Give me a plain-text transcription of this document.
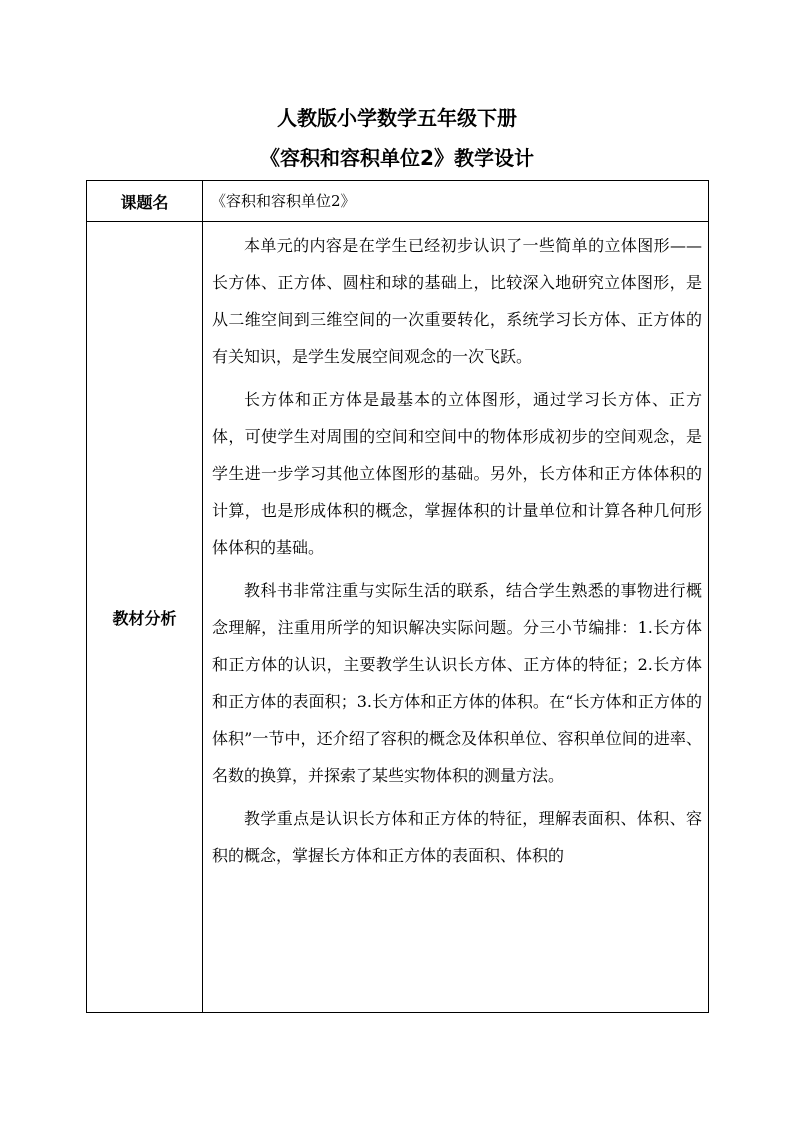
人教版小学数学五年级下册
《容积和容积单位2》教学设计
课题名	《容积和容积单位2》
教材分析	本单元的内容是在学生已经初步认识了一些简单的立体图形——长方体、正方体、圆柱和球的基础上，比较深入地研究立体图形，是从二维空间到三维空间的一次重要转化，系统学习长方体、正方体的有关知识，是学生发展空间观念的一次飞跃。

长方体和正方体是最基本的立体图形，通过学习长方体、正方体，可使学生对周围的空间和空间中的物体形成初步的空间观念，是学生进一步学习其他立体图形的基础。另外，长方体和正方体体积的计算，也是形成体积的概念，掌握体积的计量单位和计算各种几何形体体积的基础。

教科书非常注重与实际生活的联系，结合学生熟悉的事物进行概念理解，注重用所学的知识解决实际问题。分三小节编排：1.长方体和正方体的认识，主要教学生认识长方体、正方体的特征；2.长方体和正方体的表面积；3.长方体和正方体的体积。在“长方体和正方体的体积”一节中，还介绍了容积的概念及体积单位、容积单位间的进率、名数的换算，并探索了某些实物体积的测量方法。

教学重点是认识长方体和正方体的特征，理解表面积、体积、容积的概念，掌握长方体和正方体的表面积、体积的
